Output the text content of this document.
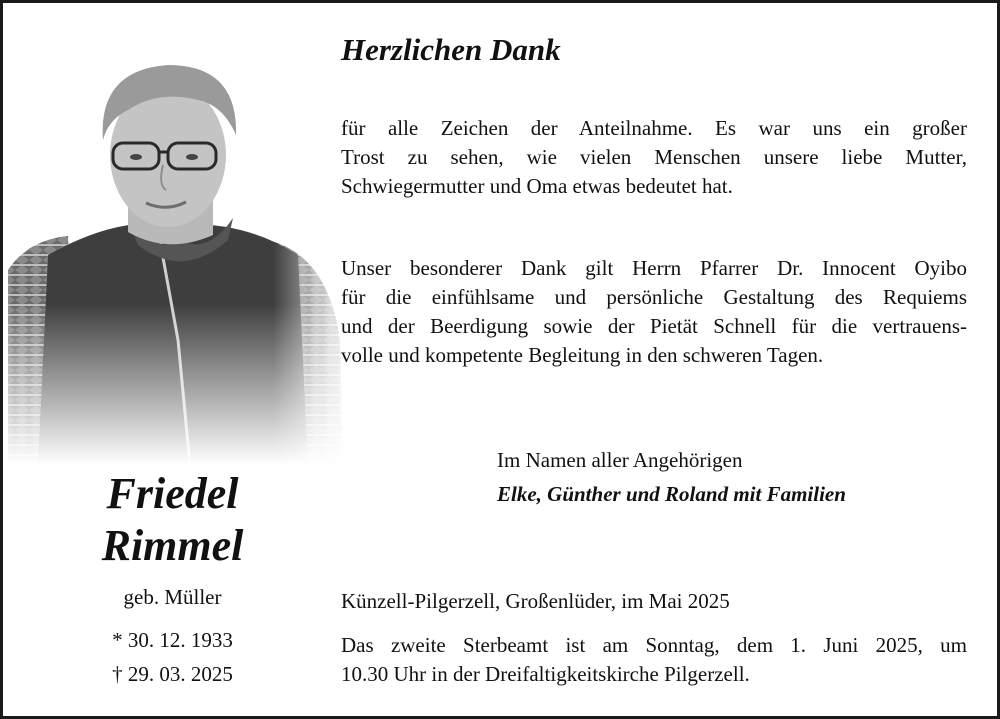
Friedel
Rimmel
geb. Müller
* 30. 12. 1933
† 29. 03. 2025
Herzlichen Dank
für alle Zeichen der Anteilnahme. Es war uns ein großer
Trost zu sehen, wie vielen Menschen unsere liebe Mutter,
Schwiegermutter und Oma etwas bedeutet hat.
Unser besonderer Dank gilt Herrn Pfarrer Dr. Innocent Oyibo
für die einfühlsame und persönliche Gestaltung des Requiems
und der Beerdigung sowie der Pietät Schnell für die vertrauens-
volle und kompetente Begleitung in den schweren Tagen.
Im Namen aller Angehörigen
Elke, Günther und Roland mit Familien
Künzell-Pilgerzell, Großenlüder, im Mai 2025
Das zweite Sterbeamt ist am Sonntag, dem 1. Juni 2025, um
10.30 Uhr in der Dreifaltigkeitskirche Pilgerzell.
